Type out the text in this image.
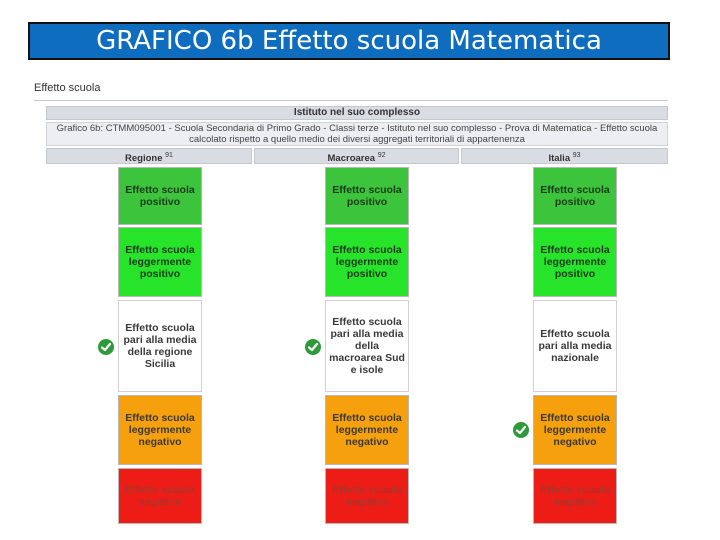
GRAFICO 6b Effetto scuola Matematica
Effetto scuola
Istituto nel suo complesso
Grafico 6b: CTMM095001 - Scuola Secondaria di Primo Grado - Classi terze - Istituto nel suo complesso - Prova di Matematica - Effetto scuola calcolato rispetto a quello medio dei diversi aggregati territoriali di appartenenza
Regione $^{91}$	Macroarea $^{92}$	Italia $^{93}$
Effetto scuola positivo
Effetto scuola positivo
Effetto scuola positivo
Effetto scuola leggermente positivo
Effetto scuola leggermente positivo
Effetto scuola leggermente positivo
Effetto scuola pari alla media della regione Sicilia
Effetto scuola pari alla media della macroarea Sud e isole
Effetto scuola pari alla media nazionale
Effetto scuola leggermente negativo
Effetto scuola leggermente negativo
Effetto scuola leggermente negativo
Effetto scuola negativo
Effetto scuola negativo
Effetto scuola negativo
